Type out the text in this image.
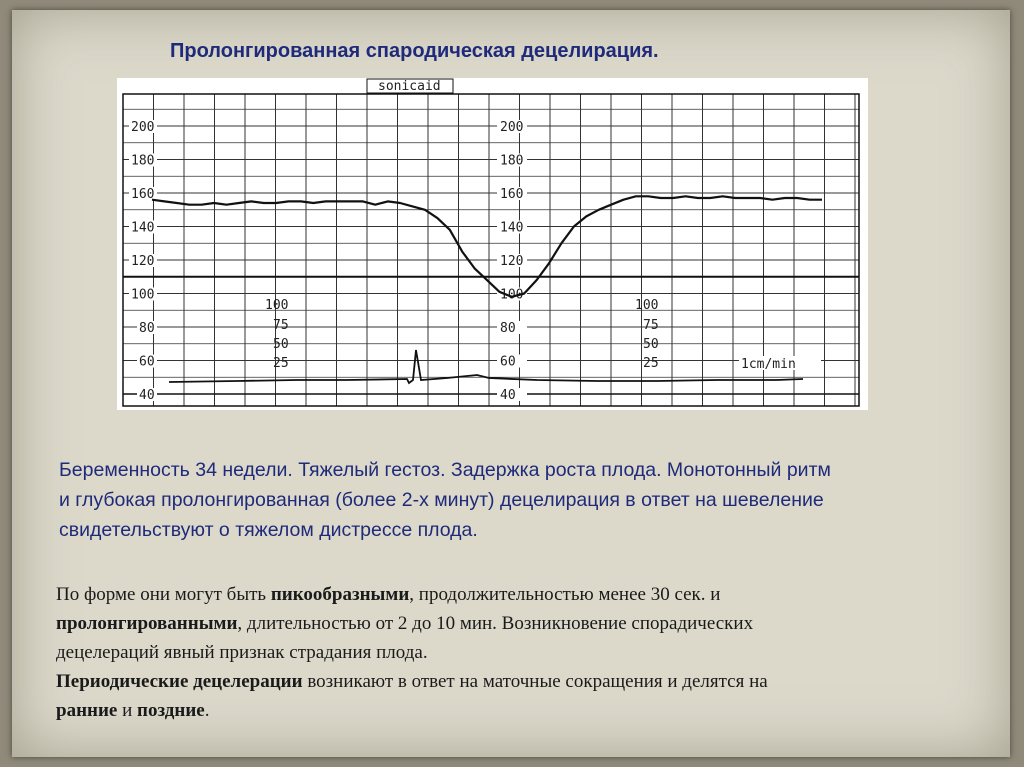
Пролонгированная спародическая децелирация.
sonicaid
200	200
180	180
160	160
140	140
120	120
100	100
80	80
60	60
40	40
100	100
75	75
50	50
25	25	1cm/min
Беременность 34 недели. Тяжелый гестоз. Задержка роста плода. Монотонный ритм
и глубокая пролонгированная (более 2-х минут) децелирация в ответ на шевеление
свидетельствуют о тяжелом дистрессе плода.
По форме они могут быть пикообразными, продолжительностью менее 30 сек. и
пролонгированными, длительностью от 2 до 10 мин. Возникновение спорадических
децелераций явный признак страдания плода.
Периодические децелерации возникают в ответ на маточные сокращения и делятся на
ранние и поздние.
